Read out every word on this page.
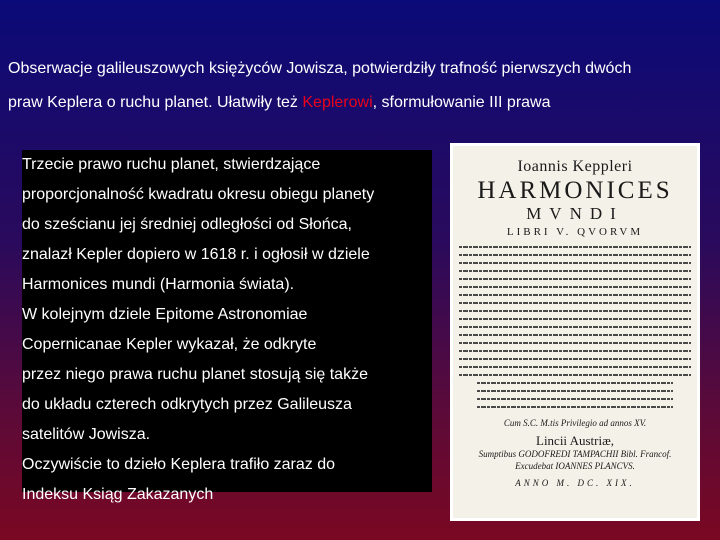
Obserwacje galileuszowych księżyców Jowisza, potwierdziły trafność pierwszych dwóch
praw Keplera o ruchu planet. Ułatwiły też Keplerowi, sformułowanie III prawa

Trzecie prawo ruchu planet, stwierdzające
proporcjonalność kwadratu okresu obiegu planety
do sześcianu jej średniej odległości od Słońca,
znalazł Kepler dopiero w 1618 r. i ogłosił w dziele
Harmonices mundi (Harmonia świata).
W kolejnym dziele Epitome Astronomiae
Copernicanae Kepler wykazał, że odkryte
przez niego prawa ruchu planet stosują się także
do układu czterech odkrytych przez Galileusza
satelitów Jowisza.
Oczywiście to dzieło Keplera trafiło zaraz do
Indeksu Ksiąg Zakazanych
Ioannis Keppleri
HARMONICES
MVNDI
LIBRI V. QVORVM
Cum S.C. M.tis Privilegio ad annos XV.
Lincii Austriæ,
Sumptibus GODOFREDI TAMPACHII Bibl. Francof.
Excudebat IOANNES PLANCVS.
ANNO M. DC. XIX.
